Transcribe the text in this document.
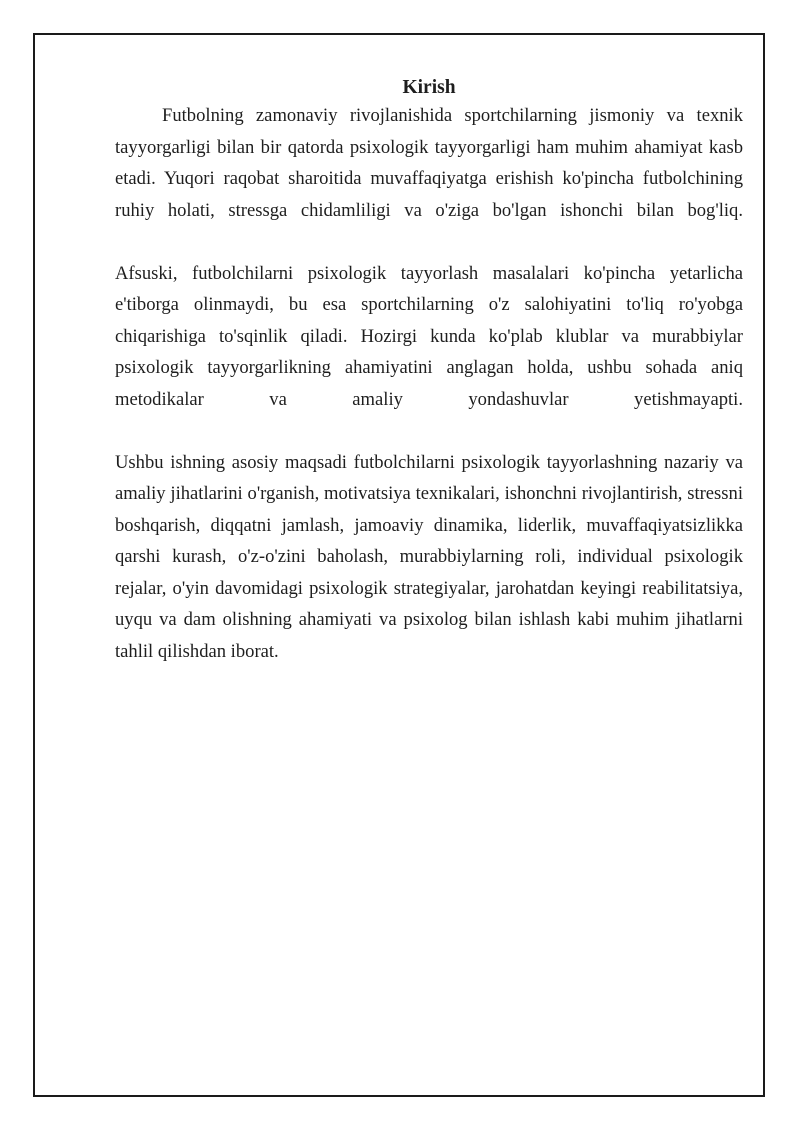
Kirish

Futbolning zamonaviy rivojlanishida sportchilarning jismoniy va texnik tayyorgarligi bilan bir qatorda psixologik tayyorgarligi ham muhim ahamiyat kasb etadi. Yuqori raqobat sharoitida muvaffaqiyatga erishish ko'pincha futbolchining ruhiy holati, stressga chidamliligi va o'ziga bo'lgan ishonchi bilan bog'liq.

Afsuski, futbolchilarni psixologik tayyorlash masalalari ko'pincha yetarlicha e'tiborga olinmaydi, bu esa sportchilarning o'z salohiyatini to'liq ro'yobga chiqarishiga to'sqinlik qiladi. Hozirgi kunda ko'plab klublar va murabbiylar psixologik tayyorgarlikning ahamiyatini anglagan holda, ushbu sohada aniq metodikalar va amaliy yondashuvlar yetishmayapti.

Ushbu ishning asosiy maqsadi futbolchilarni psixologik tayyorlashning nazariy va amaliy jihatlarini o'rganish, motivatsiya texnikalari, ishonchni rivojlantirish, stressni boshqarish, diqqatni jamlash, jamoaviy dinamika, liderlik, muvaffaqiyatsizlikka qarshi kurash, o'z-o'zini baholash, murabbiylarning roli, individual psixologik rejalar, o'yin davomidagi psixologik strategiyalar, jarohatdan keyingi reabilitatsiya, uyqu va dam olishning ahamiyati va psixolog bilan ishlash kabi muhim jihatlarni tahlil qilishdan iborat.
